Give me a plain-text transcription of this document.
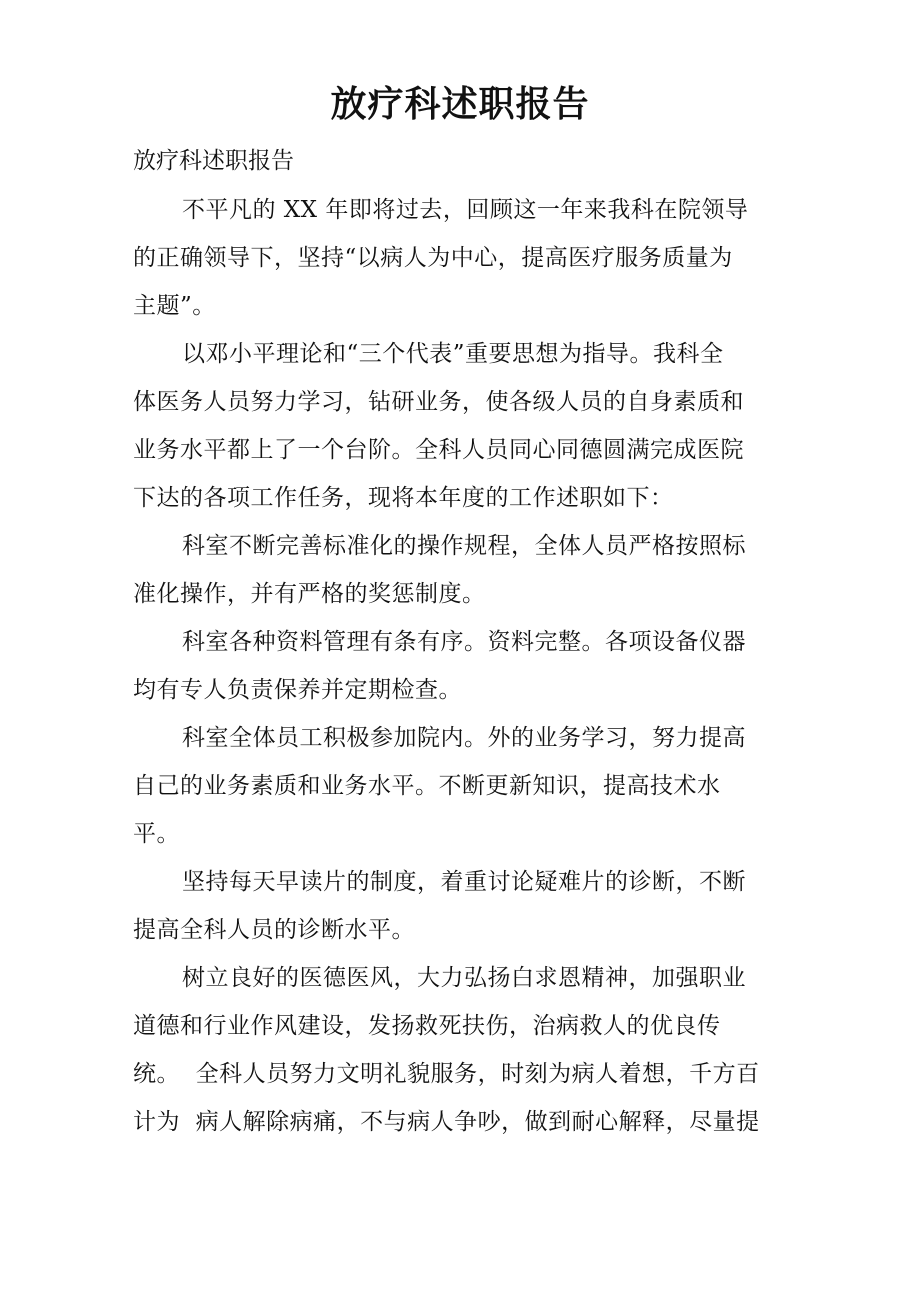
放疗科述职报告
放疗科述职报告
不平凡的 XX 年即将过去，回顾这一年来我科在院领导
的正确领导下，坚持“以病人为中心，提高医疗服务质量为
主题”。
以邓小平理论和“三个代表”重要思想为指导。我科全
体医务人员努力学习，钻研业务，使各级人员的自身素质和
业务水平都上了一个台阶。全科人员同心同德圆满完成医院
下达的各项工作任务，现将本年度的工作述职如下：
科室不断完善标准化的操作规程，全体人员严格按照标
准化操作，并有严格的奖惩制度。
科室各种资料管理有条有序。资料完整。各项设备仪器
均有专人负责保养并定期检查。
科室全体员工积极参加院内。外的业务学习，努力提高
自己的业务素质和业务水平。不断更新知识，提高技术水
平。
坚持每天早读片的制度，着重讨论疑难片的诊断，不断
提高全科人员的诊断水平。
树立良好的医德医风，大力弘扬白求恩精神，加强职业
道德和行业作风建设，发扬救死扶伤，治病救人的优良传
统。  全科人员努力文明礼貌服务，时刻为病人着想，千方百
计为  病人解除病痛，不与病人争吵，做到耐心解释，尽量提
